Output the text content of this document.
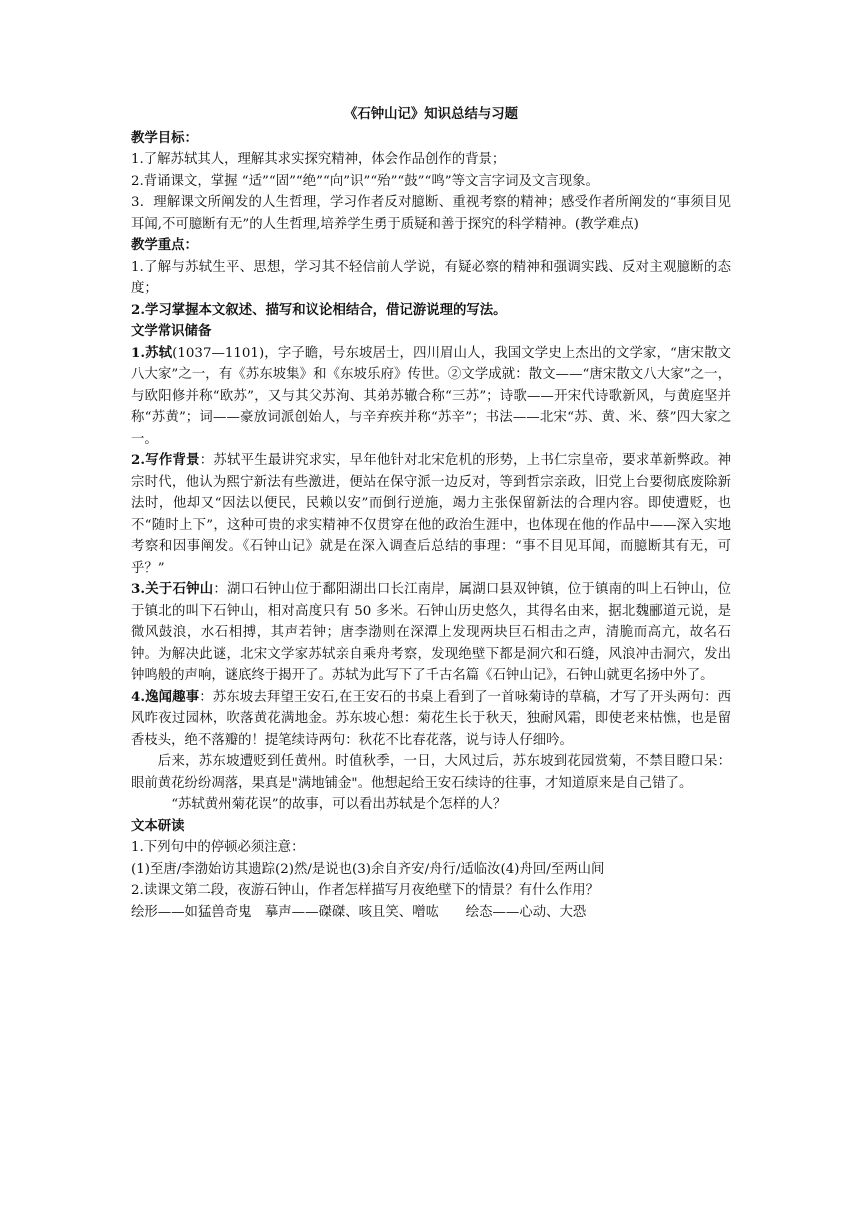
《石钟山记》知识总结与习题

教学目标：

1.了解苏轼其人，理解其求实探究精神，体会作品创作的背景；

2.背诵课文，掌握 “适”“固”“绝”“向”识”“殆”“鼓”“鸣”等文言字词及文言现象。

3．理解课文所阐发的人生哲理，学习作者反对臆断、重视考察的精神；感受作者所阐发的“事须目见耳闻,不可臆断有无”的人生哲理,培养学生勇于质疑和善于探究的科学精神。(教学难点)

教学重点：

1.了解与苏轼生平、思想，学习其不轻信前人学说，有疑必察的精神和强调实践、反对主观臆断的态度；

2.学习掌握本文叙述、描写和议论相结合，借记游说理的写法。

文学常识储备

1.苏轼(1037—1101)，字子瞻，号东坡居士，四川眉山人，我国文学史上杰出的文学家，“唐宋散文八大家”之一，有《苏东坡集》和《东坡乐府》传世。②文学成就：散文——“唐宋散文八大家”之一，与欧阳修并称“欧苏”，又与其父苏洵、其弟苏辙合称“三苏”；诗歌——开宋代诗歌新风，与黄庭坚并称“苏黄”；词——豪放词派创始人，与辛弃疾并称“苏辛”；书法——北宋“苏、黄、米、蔡”四大家之一。

2.写作背景：苏轼平生最讲究求实，早年他针对北宋危机的形势，上书仁宗皇帝，要求革新弊政。神宗时代，他认为熙宁新法有些激进，便站在保守派一边反对，等到哲宗亲政，旧党上台要彻底废除新法时，他却又“因法以便民，民赖以安”而倒行逆施，竭力主张保留新法的合理内容。即使遭贬，也不“随时上下”，这种可贵的求实精神不仅贯穿在他的政治生涯中，也体现在他的作品中——深入实地考察和因事阐发。《石钟山记》就是在深入调查后总结的事理：“事不目见耳闻，而臆断其有无，可乎？”

3.关于石钟山：湖口石钟山位于鄱阳湖出口长江南岸，属湖口县双钟镇，位于镇南的叫上石钟山，位于镇北的叫下石钟山，相对高度只有 50 多米。石钟山历史悠久，其得名由来，据北魏郦道元说，是微风鼓浪，水石相搏，其声若钟；唐李渤则在深潭上发现两块巨石相击之声，清脆而高亢，故名石钟。为解决此谜，北宋文学家苏轼亲自乘舟考察，发现绝壁下都是洞穴和石缝，风浪冲击洞穴，发出钟鸣般的声响，谜底终于揭开了。苏轼为此写下了千古名篇《石钟山记》，石钟山就更名扬中外了。

4.逸闻趣事：苏东坡去拜望王安石,在王安石的书桌上看到了一首咏菊诗的草稿，才写了开头两句：西风昨夜过园林，吹落黄花满地金。苏东坡心想：菊花生长于秋天，独耐风霜，即使老来枯憔，也是留香枝头，绝不落瓣的！提笔续诗两句：秋花不比春花落，说与诗人仔细吟。

后来，苏东坡遭贬到任黄州。时值秋季，一日，大风过后，苏东坡到花园赏菊，不禁目瞪口呆：眼前黄花纷纷凋落，果真是"满地铺金"。他想起给王安石续诗的往事，才知道原来是自己错了。

“苏轼黄州菊花误”的故事，可以看出苏轼是个怎样的人？

文本研读

1.下列句中的停顿必须注意：

(1)至唐/李渤始访其遗踪(2)然/是说也(3)余自齐安/舟行/适临汝(4)舟回/至两山间

2.读课文第二段，夜游石钟山，作者怎样描写月夜绝壁下的情景？有什么作用？

绘形——如猛兽奇鬼　摹声——磔磔、咳且笑、噌吰　　绘态——心动、大恐
